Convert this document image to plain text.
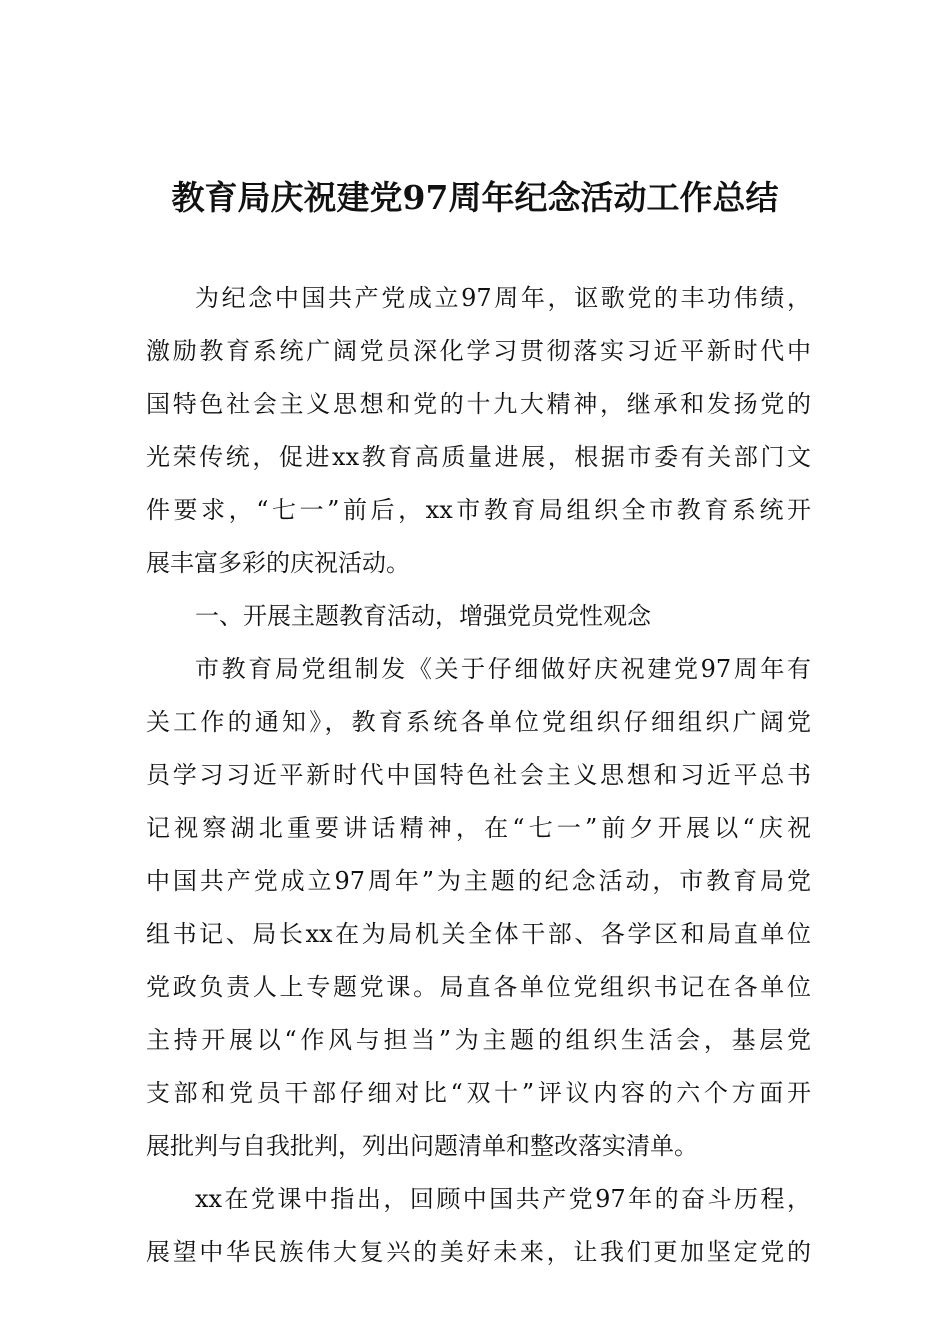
教育局庆祝建党97周年纪念活动工作总结
为纪念中国共产党成立97周年，讴歌党的丰功伟绩，
激励教育系统广阔党员深化学习贯彻落实习近平新时代中
国特色社会主义思想和党的十九大精神，继承和发扬党的
光荣传统，促进xx教育高质量进展，根据市委有关部门文
件要求，“七一”前后，xx市教育局组织全市教育系统开
展丰富多彩的庆祝活动。
一、开展主题教育活动，增强党员党性观念
市教育局党组制发《关于仔细做好庆祝建党97周年有
关工作的通知》，教育系统各单位党组织仔细组织广阔党
员学习习近平新时代中国特色社会主义思想和习近平总书
记视察湖北重要讲话精神，在“七一”前夕开展以“庆祝
中国共产党成立97周年”为主题的纪念活动，市教育局党
组书记、局长xx在为局机关全体干部、各学区和局直单位
党政负责人上专题党课。局直各单位党组织书记在各单位
主持开展以“作风与担当”为主题的组织生活会，基层党
支部和党员干部仔细对比“双十”评议内容的六个方面开
展批判与自我批判，列出问题清单和整改落实清单。
xx在党课中指出，回顾中国共产党97年的奋斗历程，
展望中华民族伟大复兴的美好未来，让我们更加坚定党的
